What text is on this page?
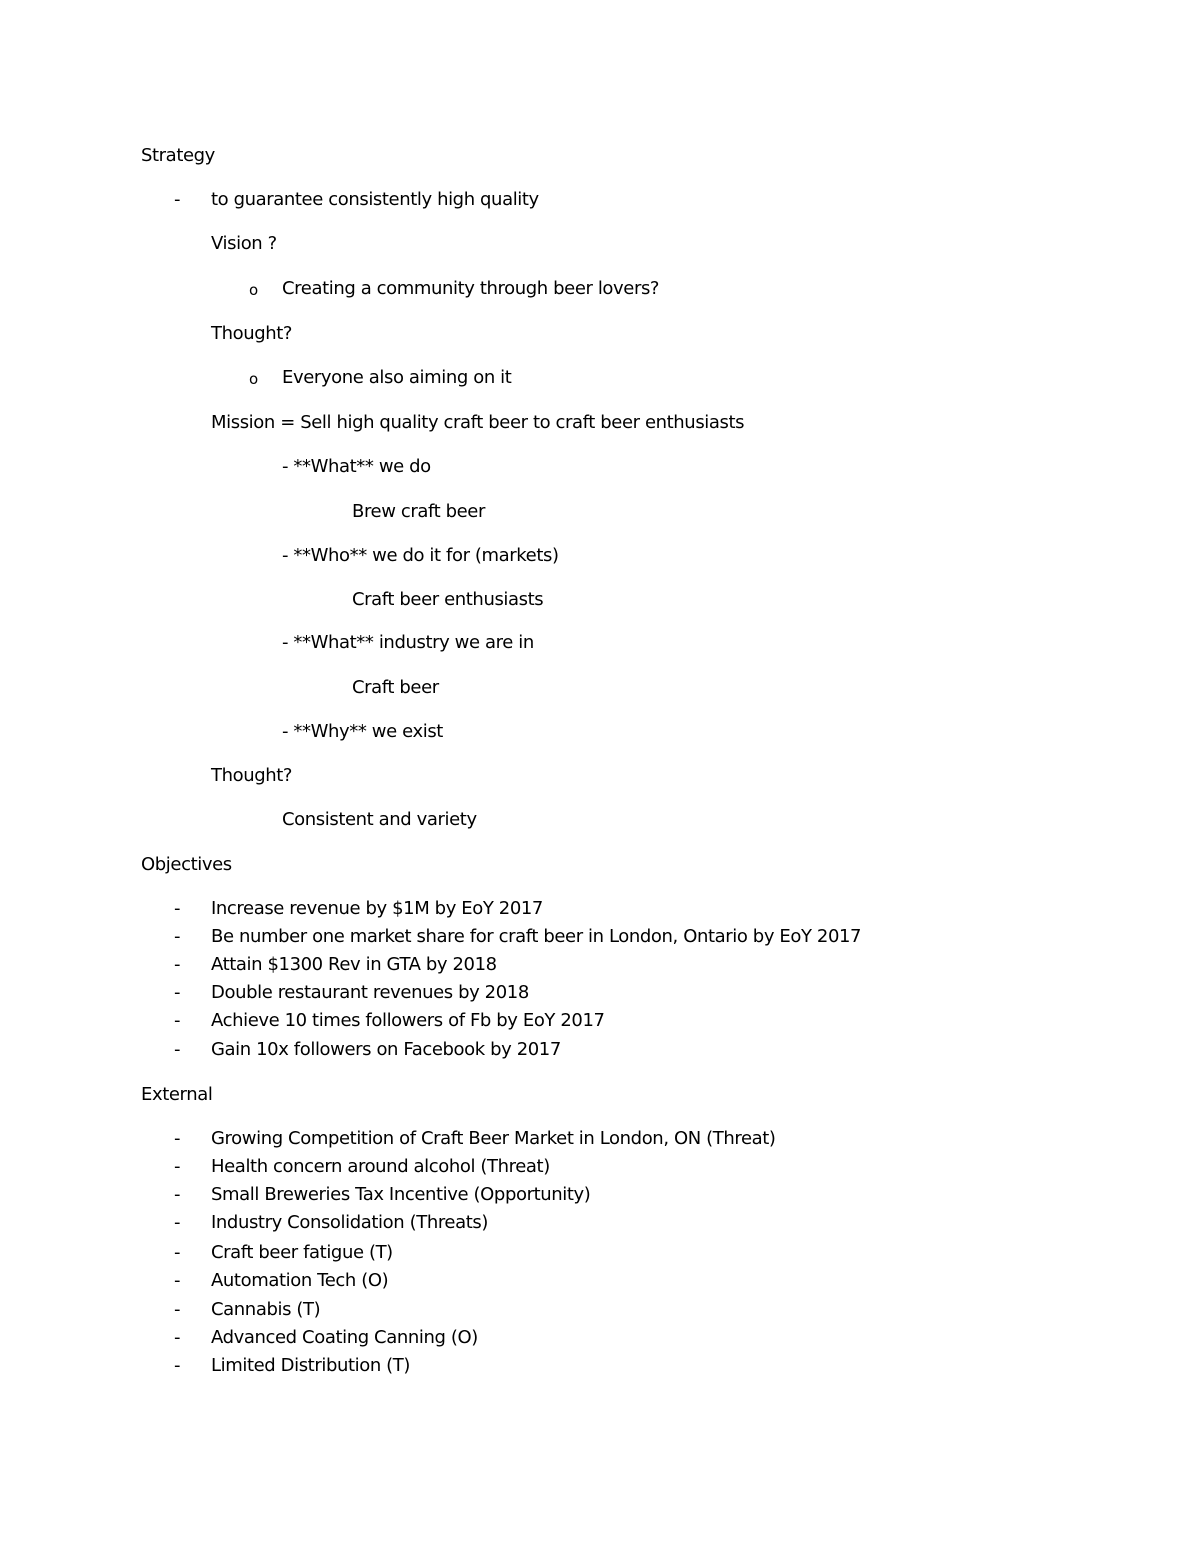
Strategy
- to guarantee consistently high quality
Vision ?
o Creating a community through beer lovers?
Thought?
o Everyone also aiming on it
Mission = Sell high quality craft beer to craft beer enthusiasts
- **What** we do
Brew craft beer
- **Who** we do it for (markets)
Craft beer enthusiasts
- **What** industry we are in
Craft beer
- **Why** we exist
Thought?
Consistent and variety
Objectives
- Increase revenue by $1M by EoY 2017
- Be number one market share for craft beer in London, Ontario by EoY 2017
- Attain $1300 Rev in GTA by 2018
- Double restaurant revenues by 2018
- Achieve 10 times followers of Fb by EoY 2017
- Gain 10x followers on Facebook by 2017
External
- Growing Competition of Craft Beer Market in London, ON (Threat)
- Health concern around alcohol (Threat)
- Small Breweries Tax Incentive (Opportunity)
- Industry Consolidation (Threats)
- Craft beer fatigue (T)
- Automation Tech (O)
- Cannabis (T)
- Advanced Coating Canning (O)
- Limited Distribution (T)
